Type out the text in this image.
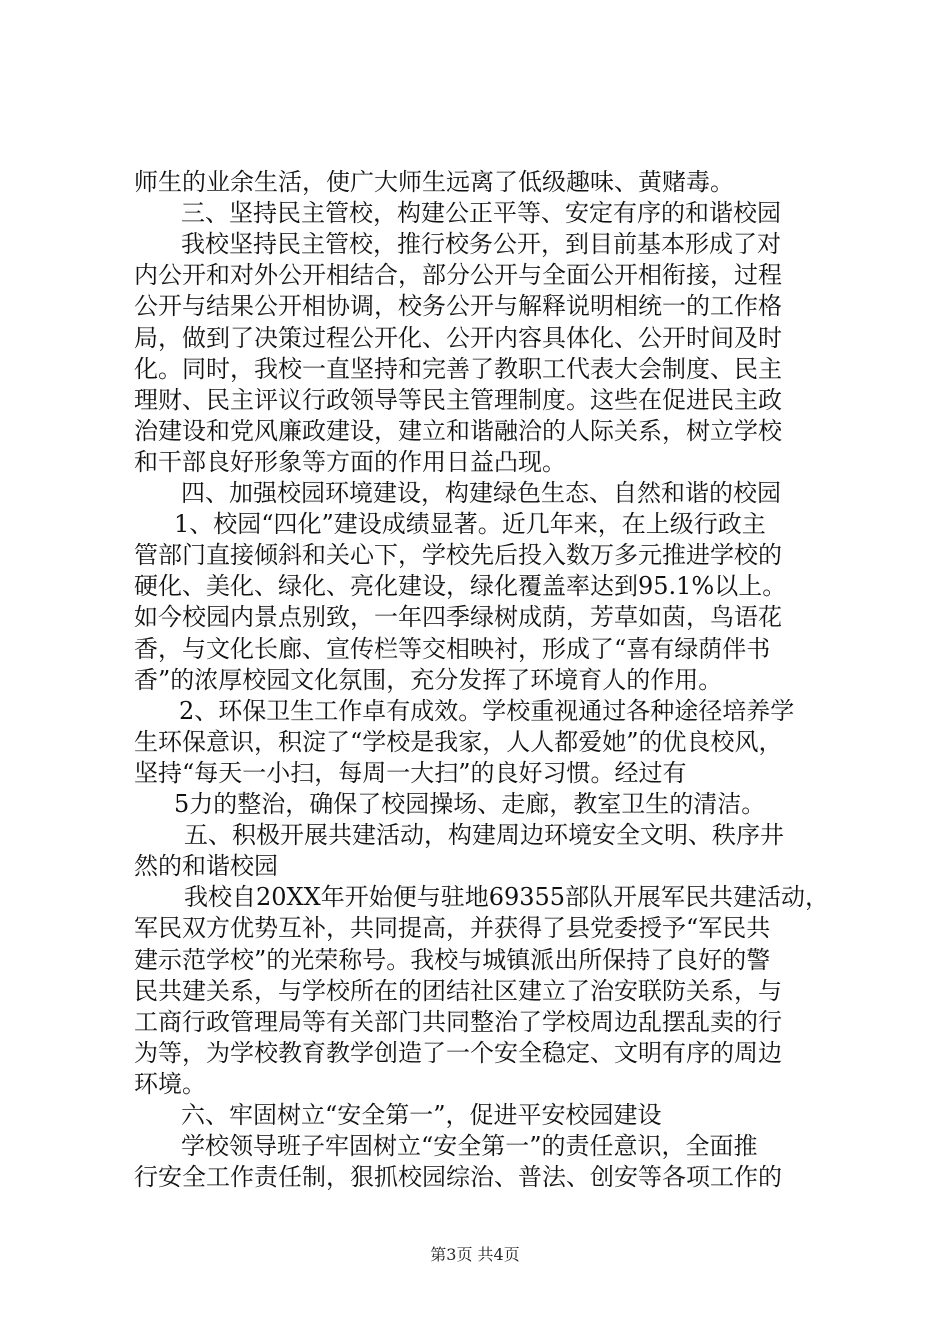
师生的业余生活，使广大师生远离了低级趣味、黄赌毒。
三、坚持民主管校，构建公正平等、安定有序的和谐校园
我校坚持民主管校，推行校务公开，到目前基本形成了对
内公开和对外公开相结合，部分公开与全面公开相衔接，过程
公开与结果公开相协调，校务公开与解释说明相统一的工作格
局，做到了决策过程公开化、公开内容具体化、公开时间及时
化。同时，我校一直坚持和完善了教职工代表大会制度、民主
理财、民主评议行政领导等民主管理制度。这些在促进民主政
治建设和党风廉政建设，建立和谐融洽的人际关系，树立学校
和干部良好形象等方面的作用日益凸现。
四、加强校园环境建设，构建绿色生态、自然和谐的校园
1、校园“四化”建设成绩显著。近几年来，在上级行政主
管部门直接倾斜和关心下，学校先后投入数万多元推进学校的
硬化、美化、绿化、亮化建设，绿化覆盖率达到95.1%以上。
如今校园内景点别致，一年四季绿树成荫，芳草如茵，鸟语花
香，与文化长廊、宣传栏等交相映衬，形成了“喜有绿荫伴书
香”的浓厚校园文化氛围，充分发挥了环境育人的作用。
2、环保卫生工作卓有成效。学校重视通过各种途径培养学
生环保意识，积淀了“学校是我家，人人都爱她”的优良校风，
坚持“每天一小扫，每周一大扫”的良好习惯。经过有
5力的整治，确保了校园操场、走廊，教室卫生的清洁。
五、积极开展共建活动，构建周边环境安全文明、秩序井
然的和谐校园
我校自20XX年开始便与驻地69355部队开展军民共建活动，
军民双方优势互补，共同提高，并获得了县党委授予“军民共
建示范学校”的光荣称号。我校与城镇派出所保持了良好的警
民共建关系，与学校所在的团结社区建立了治安联防关系，与
工商行政管理局等有关部门共同整治了学校周边乱摆乱卖的行
为等，为学校教育教学创造了一个安全稳定、文明有序的周边
环境。
六、牢固树立“安全第一”，促进平安校园建设
学校领导班子牢固树立“安全第一”的责任意识，全面推
行安全工作责任制，狠抓校园综治、普法、创安等各项工作的
第3页 共4页
